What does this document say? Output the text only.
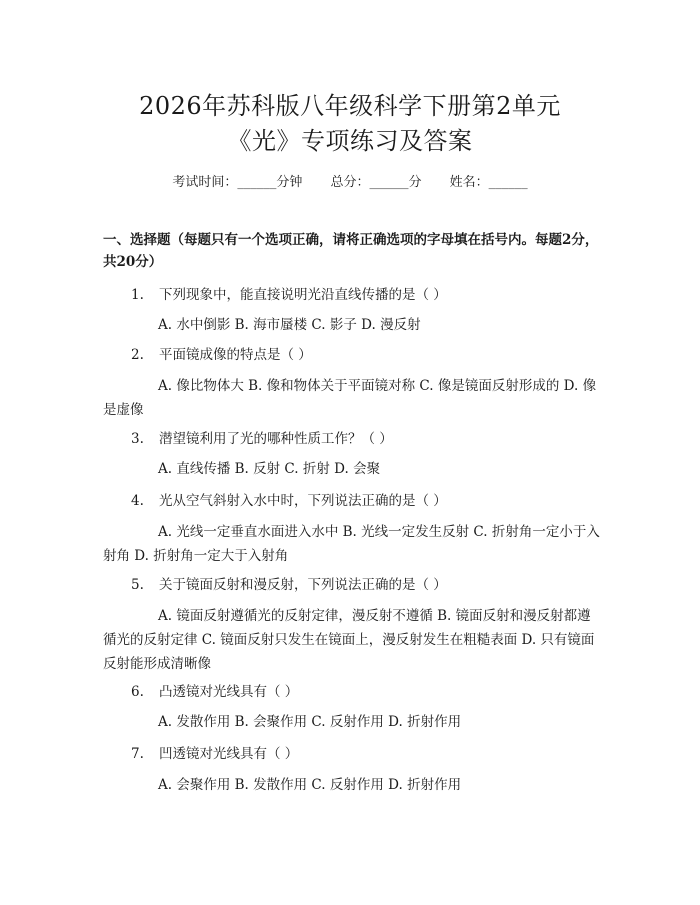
2026年苏科版八年级科学下册第2单元
《光》专项练习及答案
考试时间：______分钟 总分：______分 姓名：______
一、选择题（每题只有一个选项正确，请将正确选项的字母填在括号内。每题2分，共20分）
1. 下列现象中，能直接说明光沿直线传播的是（ ）
A. 水中倒影 B. 海市蜃楼 C. 影子 D. 漫反射
2. 平面镜成像的特点是（ ）
A. 像比物体大 B. 像和物体关于平面镜对称 C. 像是镜面反射形成的 D. 像是虚像
3. 潜望镜利用了光的哪种性质工作？（ ）
A. 直线传播 B. 反射 C. 折射 D. 会聚
4. 光从空气斜射入水中时，下列说法正确的是（ ）
A. 光线一定垂直水面进入水中 B. 光线一定发生反射 C. 折射角一定小于入射角 D. 折射角一定大于入射角
5. 关于镜面反射和漫反射，下列说法正确的是（ ）
A. 镜面反射遵循光的反射定律，漫反射不遵循 B. 镜面反射和漫反射都遵循光的反射定律 C. 镜面反射只发生在镜面上，漫反射发生在粗糙表面 D. 只有镜面反射能形成清晰像
6. 凸透镜对光线具有（ ）
A. 发散作用 B. 会聚作用 C. 反射作用 D. 折射作用
7. 凹透镜对光线具有（ ）
A. 会聚作用 B. 发散作用 C. 反射作用 D. 折射作用
